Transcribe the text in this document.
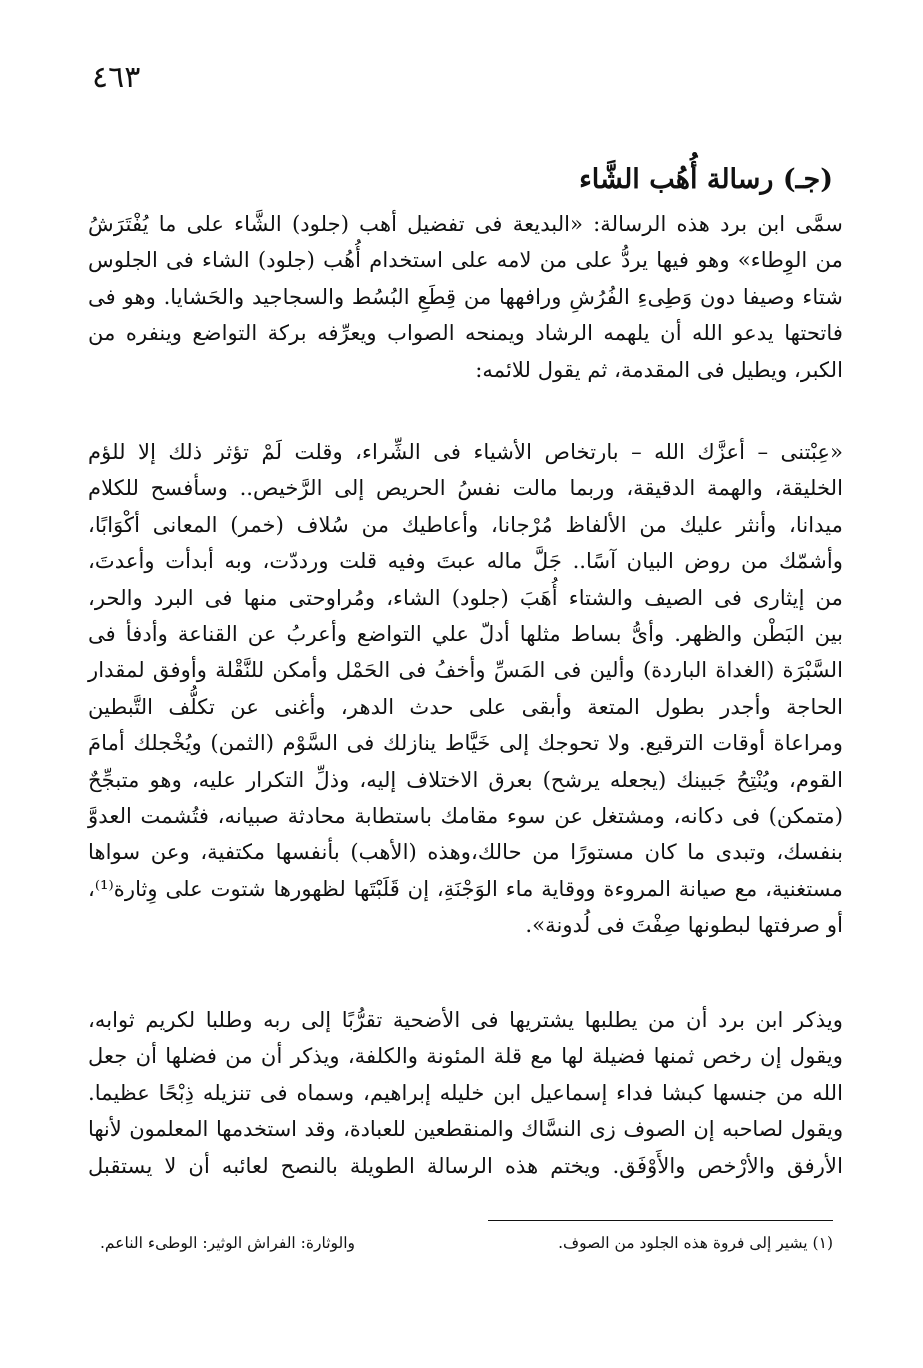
٤٦٣
(جـ) رسالة أُهُب الشَّاء
سمَّى ابن برد هذه الرسالة: «البديعة فى تفضيل أهب (جلود) الشَّاء على ما يُفْتَرَشُ
من الوِطاء» وهو فيها يردُّ على من لامه على استخدام أُهُب (جلود) الشاء فى الجلوس
شتاء وصيفا دون وَطِىءِ الفُرُشِ ورافهها من قِطَعِ البُسُط والسجاجيد والحَشايا. وهو فى
فاتحتها يدعو الله أن يلهمه الرشاد ويمنحه الصواب ويعرِّفه بركة التواضع وينفره من
الكبر، ويطيل فى المقدمة، ثم يقول للائمه:
«عِبْتنى – أعزَّك الله – بارتخاص الأشياء فى الشِّراء، وقلت لَمْ تؤثر ذلك إلا للؤم
الخليقة، والهمة الدقيقة، وربما مالت نفسُ الحريص إلى الرَّخيص.. وسأفسح للكلام
ميدانا، وأنثر عليك من الألفاظ مُرْجانا، وأعاطيك من سُلاف (خمر) المعانى أكْوَابًا،
وأشمّك من روض البيان آسًا.. جَلَّ ماله عبتَ وفيه قلت ورددّت، وبه أبدأت وأعدتَ،
من إيثارى فى الصيف والشتاء أُهَبَ (جلود) الشاء، ومُراوحتى منها فى البرد والحر،
بين البَطْن والظهر. وأىُّ بساط مثلها أدلّ علي التواضع وأعربُ عن القناعة وأدفأ فى
السَّبْرَة (الغداة الباردة) وألين فى المَسِّ وأخفُ فى الحَمْل وأمكن للنَّقْلة وأوفق لمقدار
الحاجة وأجدر بطول المتعة وأبقى على حدث الدهر، وأغنى عن تكلُّف التَّبطين
ومراعاة أوقات الترقيع. ولا تحوجك إلى خَيَّاط ينازلك فى السَّوْم (الثمن) ويُخْجلك أمامَ
القوم، ويُنْتِحُ جَبينك (يجعله يرشح) بعرق الاختلاف إليه، وذلِّ التكرار عليه، وهو متبجِّحٌ
(متمكن) فى دكانه، ومشتغل عن سوء مقامك باستطابة محادثة صبيانه، فتُشمت العدوَّ
بنفسك، وتبدى ما كان مستورًا من حالك،وهذه (الأهب) بأنفسها مكتفية، وعن سواها
مستغنية، مع صيانة المروءة ووقاية ماء الوَجْنَةِ، إن قَلَبْتَها لظهورها شتوت على وِثارة⁽¹⁾،
أو صرفتها لبطونها صِفْتَ فى لُدونة».
ويذكر ابن برد أن من يطلبها يشتريها فى الأضحية تقرُّبًا إلى ربه وطلبا لكريم ثوابه،
ويقول إن رخص ثمنها فضيلة لها مع قلة المئونة والكلفة، ويذكر أن من فضلها أن جعل
الله من جنسها كبشا فداء إسماعيل ابن خليله إبراهيم، وسماه فى تنزيله ذِبْحًا عظيما.
ويقول لصاحبه إن الصوف زى النسَّاك والمنقطعين للعبادة، وقد استخدمها المعلمون لأنها
الأرفق والأرْخص والأَوْفَق. ويختم هذه الرسالة الطويلة بالنصح لعائبه أن لا يستقبل
(١) يشير إلى فروة هذه الجلود من الصوف.
والوثارة: الفراش الوثير: الوطىء الناعم.
